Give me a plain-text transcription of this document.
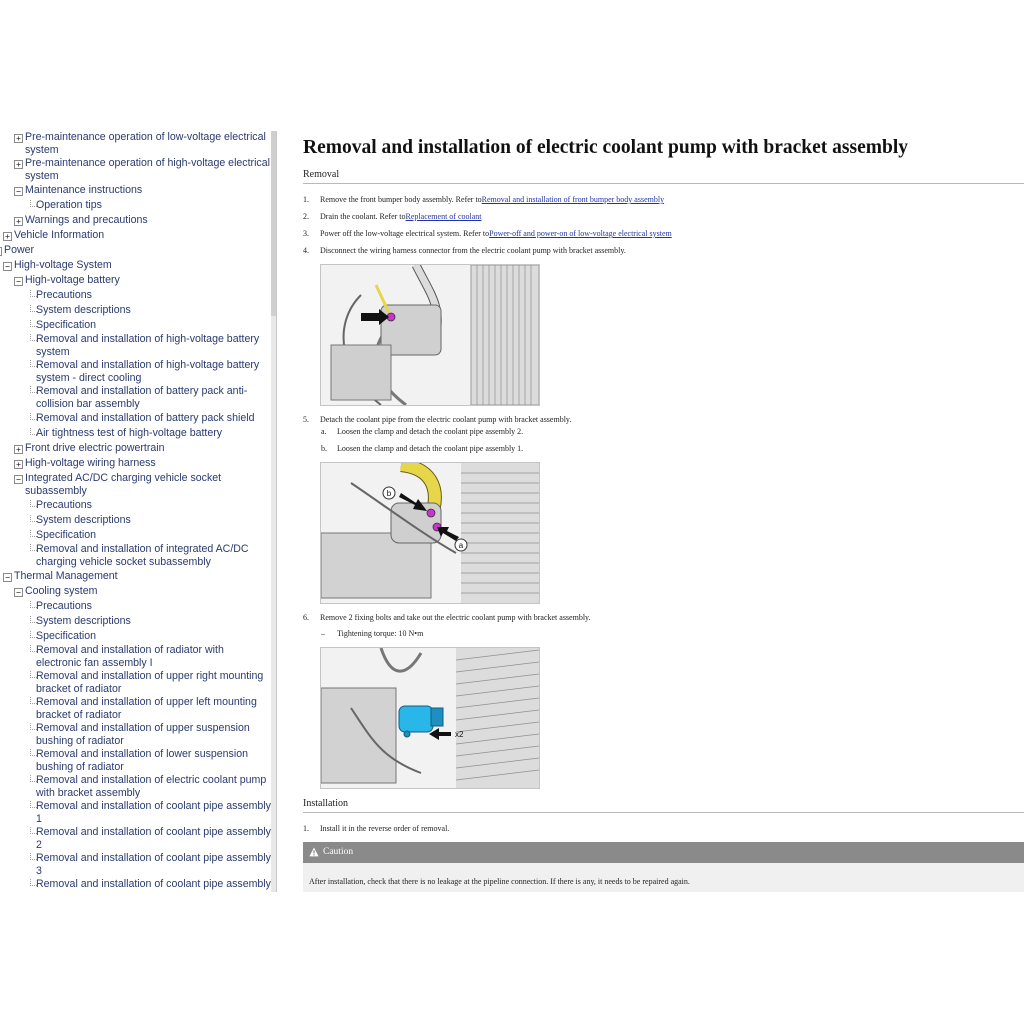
+ Pre-maintenance operation of low-voltage electrical system
+ Pre-maintenance operation of high-voltage electrical system
− Maintenance instructions
Operation tips
+ Warnings and precautions
+ Vehicle Information
Power
− High-voltage System
− High-voltage battery
Precautions
System descriptions
Specification
Removal and installation of high-voltage battery system
Removal and installation of high-voltage battery system - direct cooling
Removal and installation of battery pack anti-collision bar assembly
Removal and installation of battery pack shield
Air tightness test of high-voltage battery
+ Front drive electric powertrain
+ High-voltage wiring harness
− Integrated AC/DC charging vehicle socket subassembly
Precautions
System descriptions
Specification
Removal and installation of integrated AC/DC charging vehicle socket subassembly
− Thermal Management
− Cooling system
Precautions
System descriptions
Specification
Removal and installation of radiator with electronic fan assembly I
Removal and installation of upper right mounting bracket of radiator
Removal and installation of upper left mounting bracket of radiator
Removal and installation of upper suspension bushing of radiator
Removal and installation of lower suspension bushing of radiator
Removal and installation of electric coolant pump with bracket assembly
Removal and installation of coolant pipe assembly 1
Removal and installation of coolant pipe assembly 2
Removal and installation of coolant pipe assembly 3
Removal and installation of coolant pipe assembly
Removal and installation of electric coolant pump with bracket assembly
Removal
1. Remove the front bumper body assembly. Refer toRemoval and installation of front bumper body assembly
2. Drain the coolant. Refer toReplacement of coolant
3. Power off the low-voltage electrical system. Refer toPower-off and power-on of low-voltage electrical system
4. Disconnect the wiring harness connector from the electric coolant pump with bracket assembly.
5. Detach the coolant pipe from the electric coolant pump with bracket assembly.
a. Loosen the clamp and detach the coolant pipe assembly 2.
b. Loosen the clamp and detach the coolant pipe assembly 1.
b
a
6. Remove 2 fixing bolts and take out the electric coolant pump with bracket assembly.
– Tightening torque: 10 N•m
x2
Installation
1. Install it in the reverse order of removal.
Caution
After installation, check that there is no leakage at the pipeline connection. If there is any, it needs to be repaired again.
